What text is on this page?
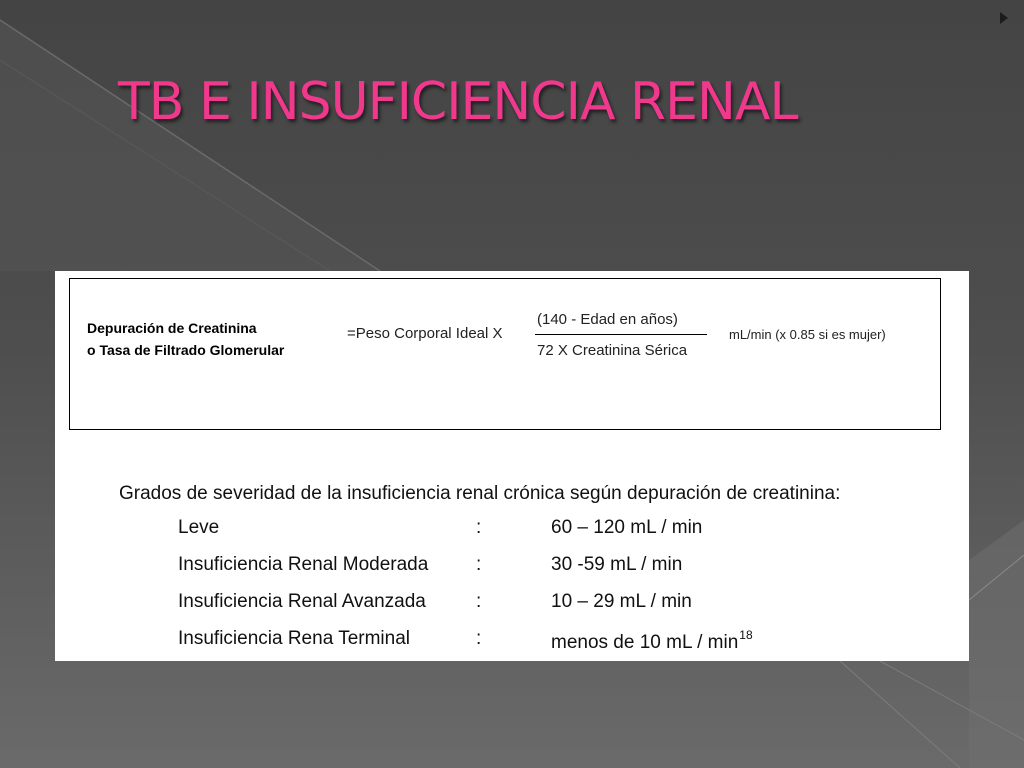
TB E INSUFICIENCIA RENAL
Depuración de Creatinina
o Tasa de Filtrado Glomerular
=Peso Corporal Ideal X
(140 - Edad en años)
72 X Creatinina Sérica
mL/min (x 0.85 si es mujer)
Grados de severidad de la insuficiencia renal crónica según depuración de creatinina:
Leve	:	60 – 120 mL / min
Insuficiencia Renal Moderada	:	30 -59 mL / min
Insuficiencia Renal Avanzada	:	10 – 29 mL / min
Insuficiencia Rena Terminal	:	menos de 10 mL / $\min^{18}$
